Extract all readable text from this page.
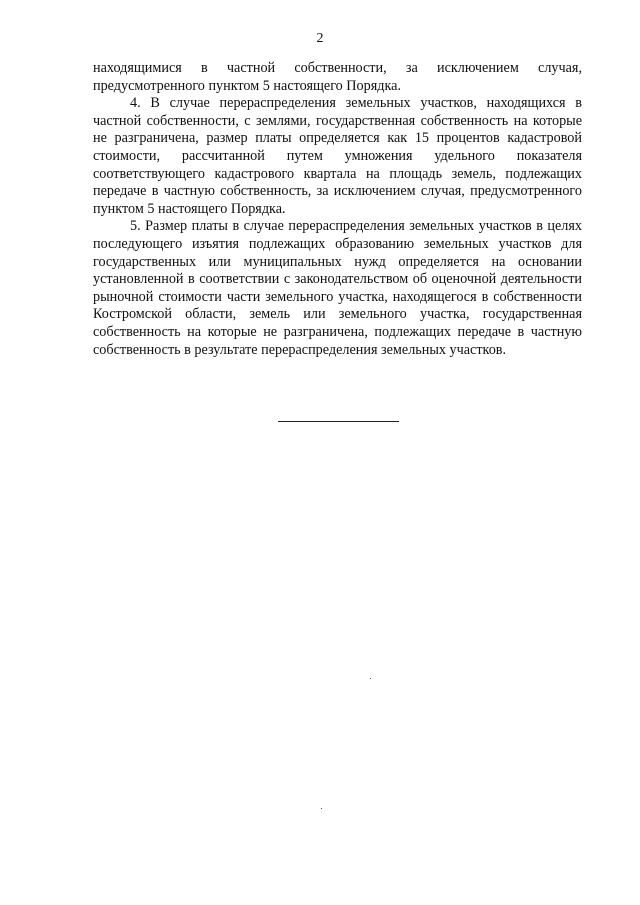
2

находящимися в частной собственности, за исключением случая, предусмотренного пунктом 5 настоящего Порядка.

4. В случае перераспределения земельных участков, находящихся в частной собственности, с землями, государственная собственность на которые не разграничена, размер платы определяется как 15 процентов кадастровой стоимости, рассчитанной путем умножения удельного показателя соответствующего кадастрового квартала на площадь земель, подлежащих передаче в частную собственность, за исключением случая, предусмотренного пунктом 5 настоящего Порядка.

5. Размер платы в случае перераспределения земельных участков в целях последующего изъятия подлежащих образованию земельных участков для государственных или муниципальных нужд определяется на основании установленной в соответствии с законодательством об оценочной деятельности рыночной стоимости части земельного участка, находящегося в собственности Костромской области, земель или земельного участка, государственная собственность на которые не разграничена, подлежащих передаче в частную собственность в результате перераспределения земельных участков.
